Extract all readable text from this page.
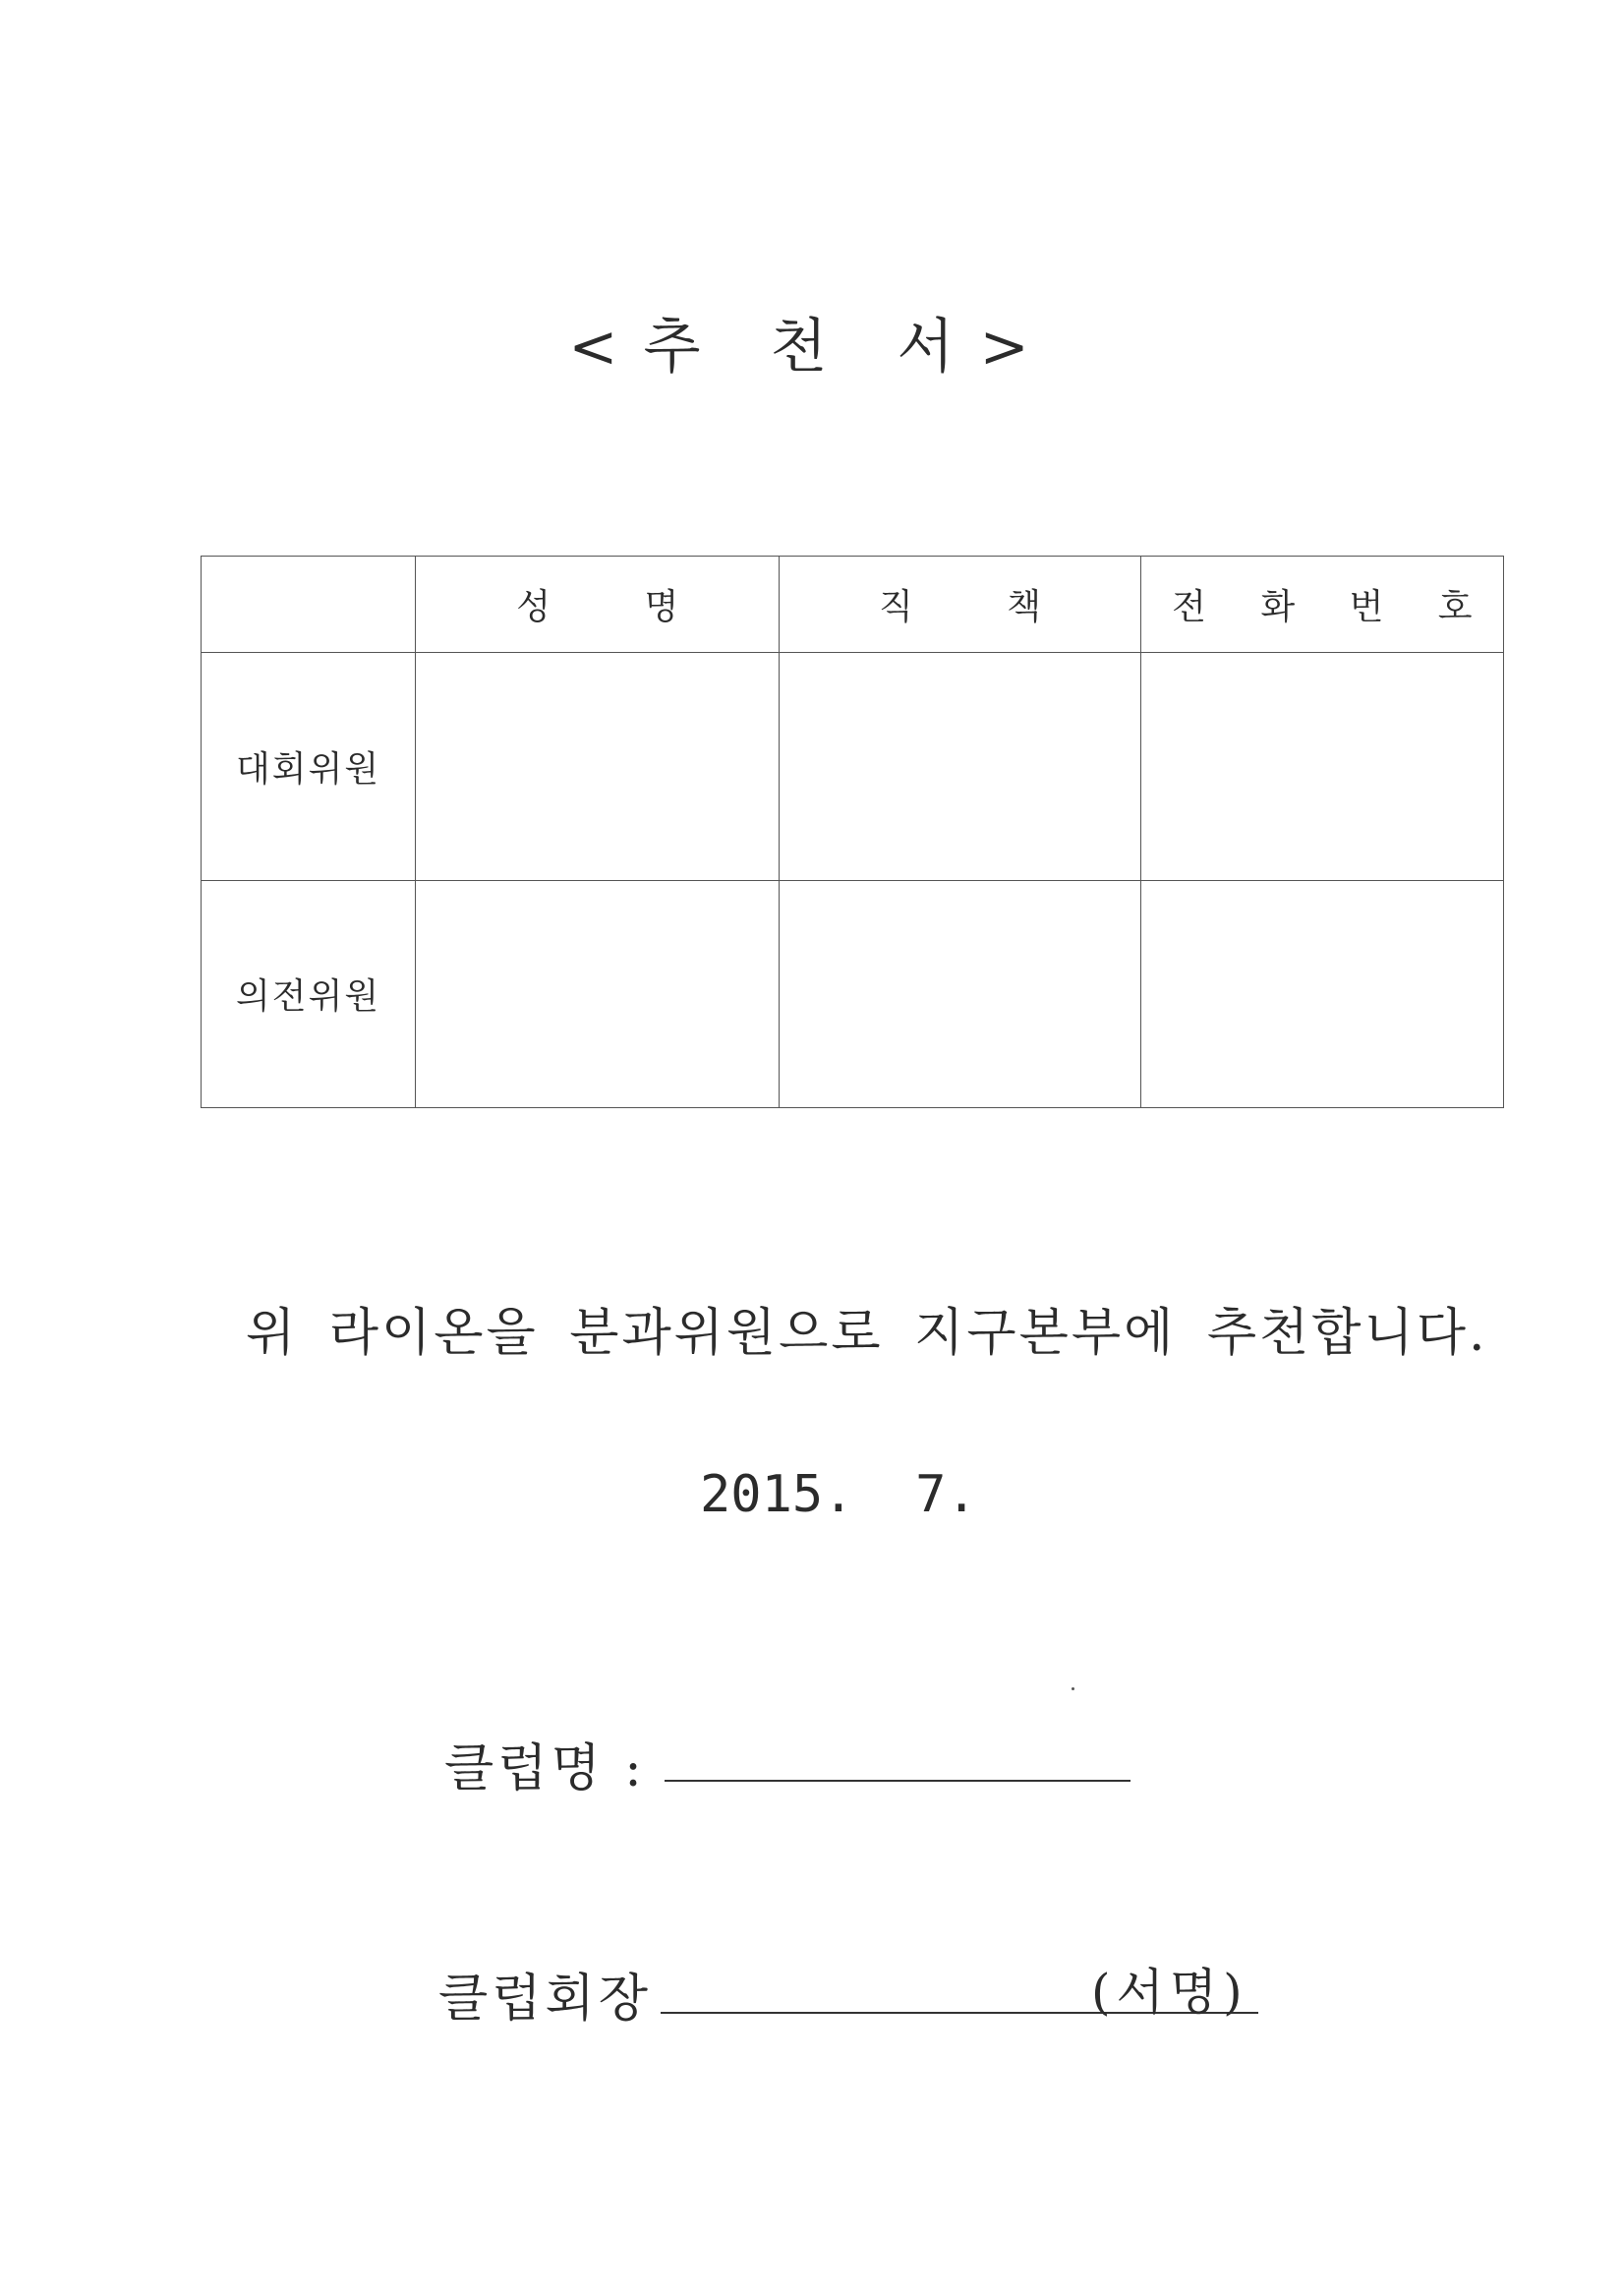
<추 천 서>
	성 명	직 책	전 화 번 호
대회위원			
의전위원			
위 라이온을 분과위원으로 지구본부에 추천합니다.
2015.  7.
클럽명 :
클럽회장	(서명)
